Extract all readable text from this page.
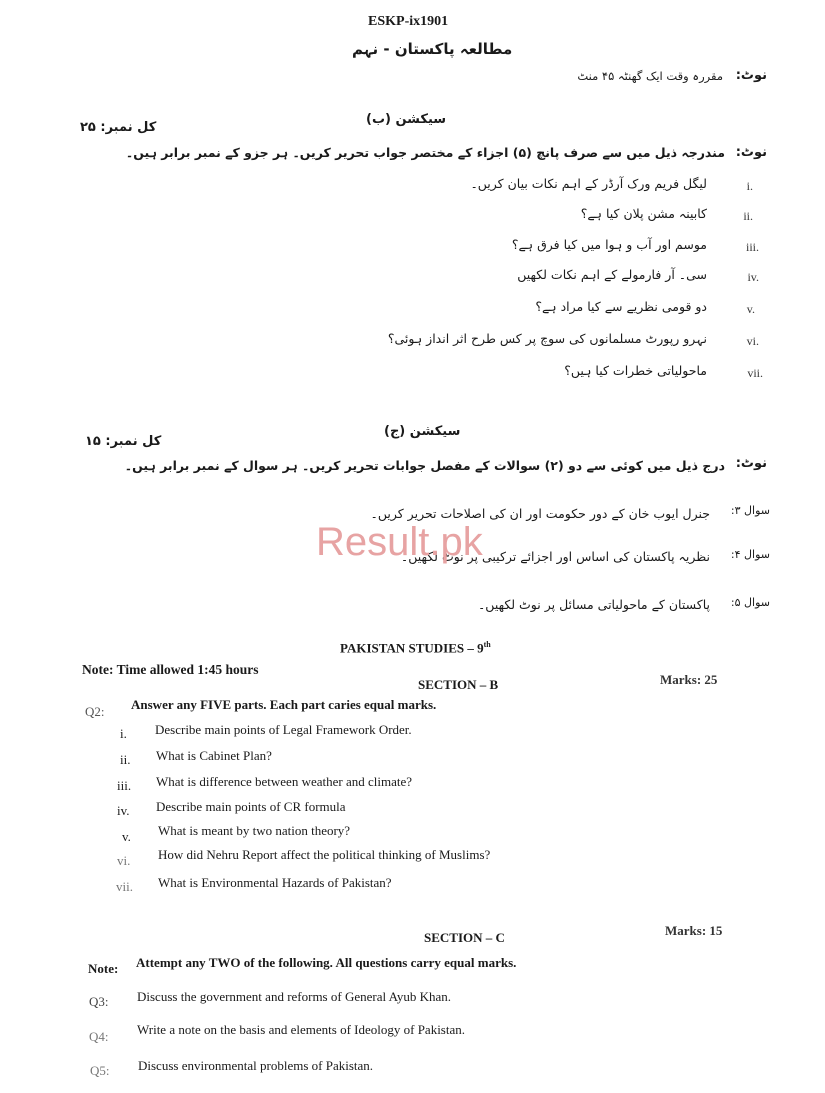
ESKP-ix1901
مطالعہ پاکستان - نہم
نوٹ:
مقررہ وقت ایک گھنٹہ ۴۵ منٹ
سیکشن (ب)
کل نمبر: ۲۵
نوٹ:
مندرجہ ذیل میں سے صرف پانچ (۵) اجزاء کے مختصر جواب تحریر کریں۔ ہر جزو کے نمبر برابر ہیں۔
i.
لیگل فریم ورک آرڈر کے اہم نکات بیان کریں۔
ii.
کابینہ مشن پلان کیا ہے؟
iii.
موسم اور آب و ہوا میں کیا فرق ہے؟
iv.
سی۔ آر فارمولے کے اہم نکات لکھیں
v.
دو قومی نظریے سے کیا مراد ہے؟
vi.
نہرو رپورٹ مسلمانوں کی سوچ پر کس طرح اثر انداز ہوئی؟
vii.
ماحولیاتی خطرات کیا ہیں؟
سیکشن (ج)
کل نمبر: ۱۵
نوٹ:
درج ذیل میں کوئی سے دو (۲) سوالات کے مفصل جوابات تحریر کریں۔ ہر سوال کے نمبر برابر ہیں۔
سوال ۳:
جنرل ایوب خان کے دور حکومت اور ان کی اصلاحات تحریر کریں۔
سوال ۴:
نظریہ پاکستان کی اساس اور اجزائے ترکیبی پر نوٹ لکھیں۔
سوال ۵:
پاکستان کے ماحولیاتی مسائل پر نوٹ لکھیں۔
Result.pk
PAKISTAN STUDIES – 9th
Note: Time allowed 1:45 hours
SECTION – B	Marks: 25
Q2: Answer any FIVE parts. Each part caries equal marks.
i. Describe main points of Legal Framework Order.
ii. What is Cabinet Plan?
iii. What is difference between weather and climate?
iv. Describe main points of CR formula
v. What is meant by two nation theory?
vi. How did Nehru Report affect the political thinking of Muslims?
vii. What is Environmental Hazards of Pakistan?
SECTION – C	Marks: 15
Note: Attempt any TWO of the following. All questions carry equal marks.
Q3: Discuss the government and reforms of General Ayub Khan.
Q4: Write a note on the basis and elements of Ideology of Pakistan.
Q5: Discuss environmental problems of Pakistan.
